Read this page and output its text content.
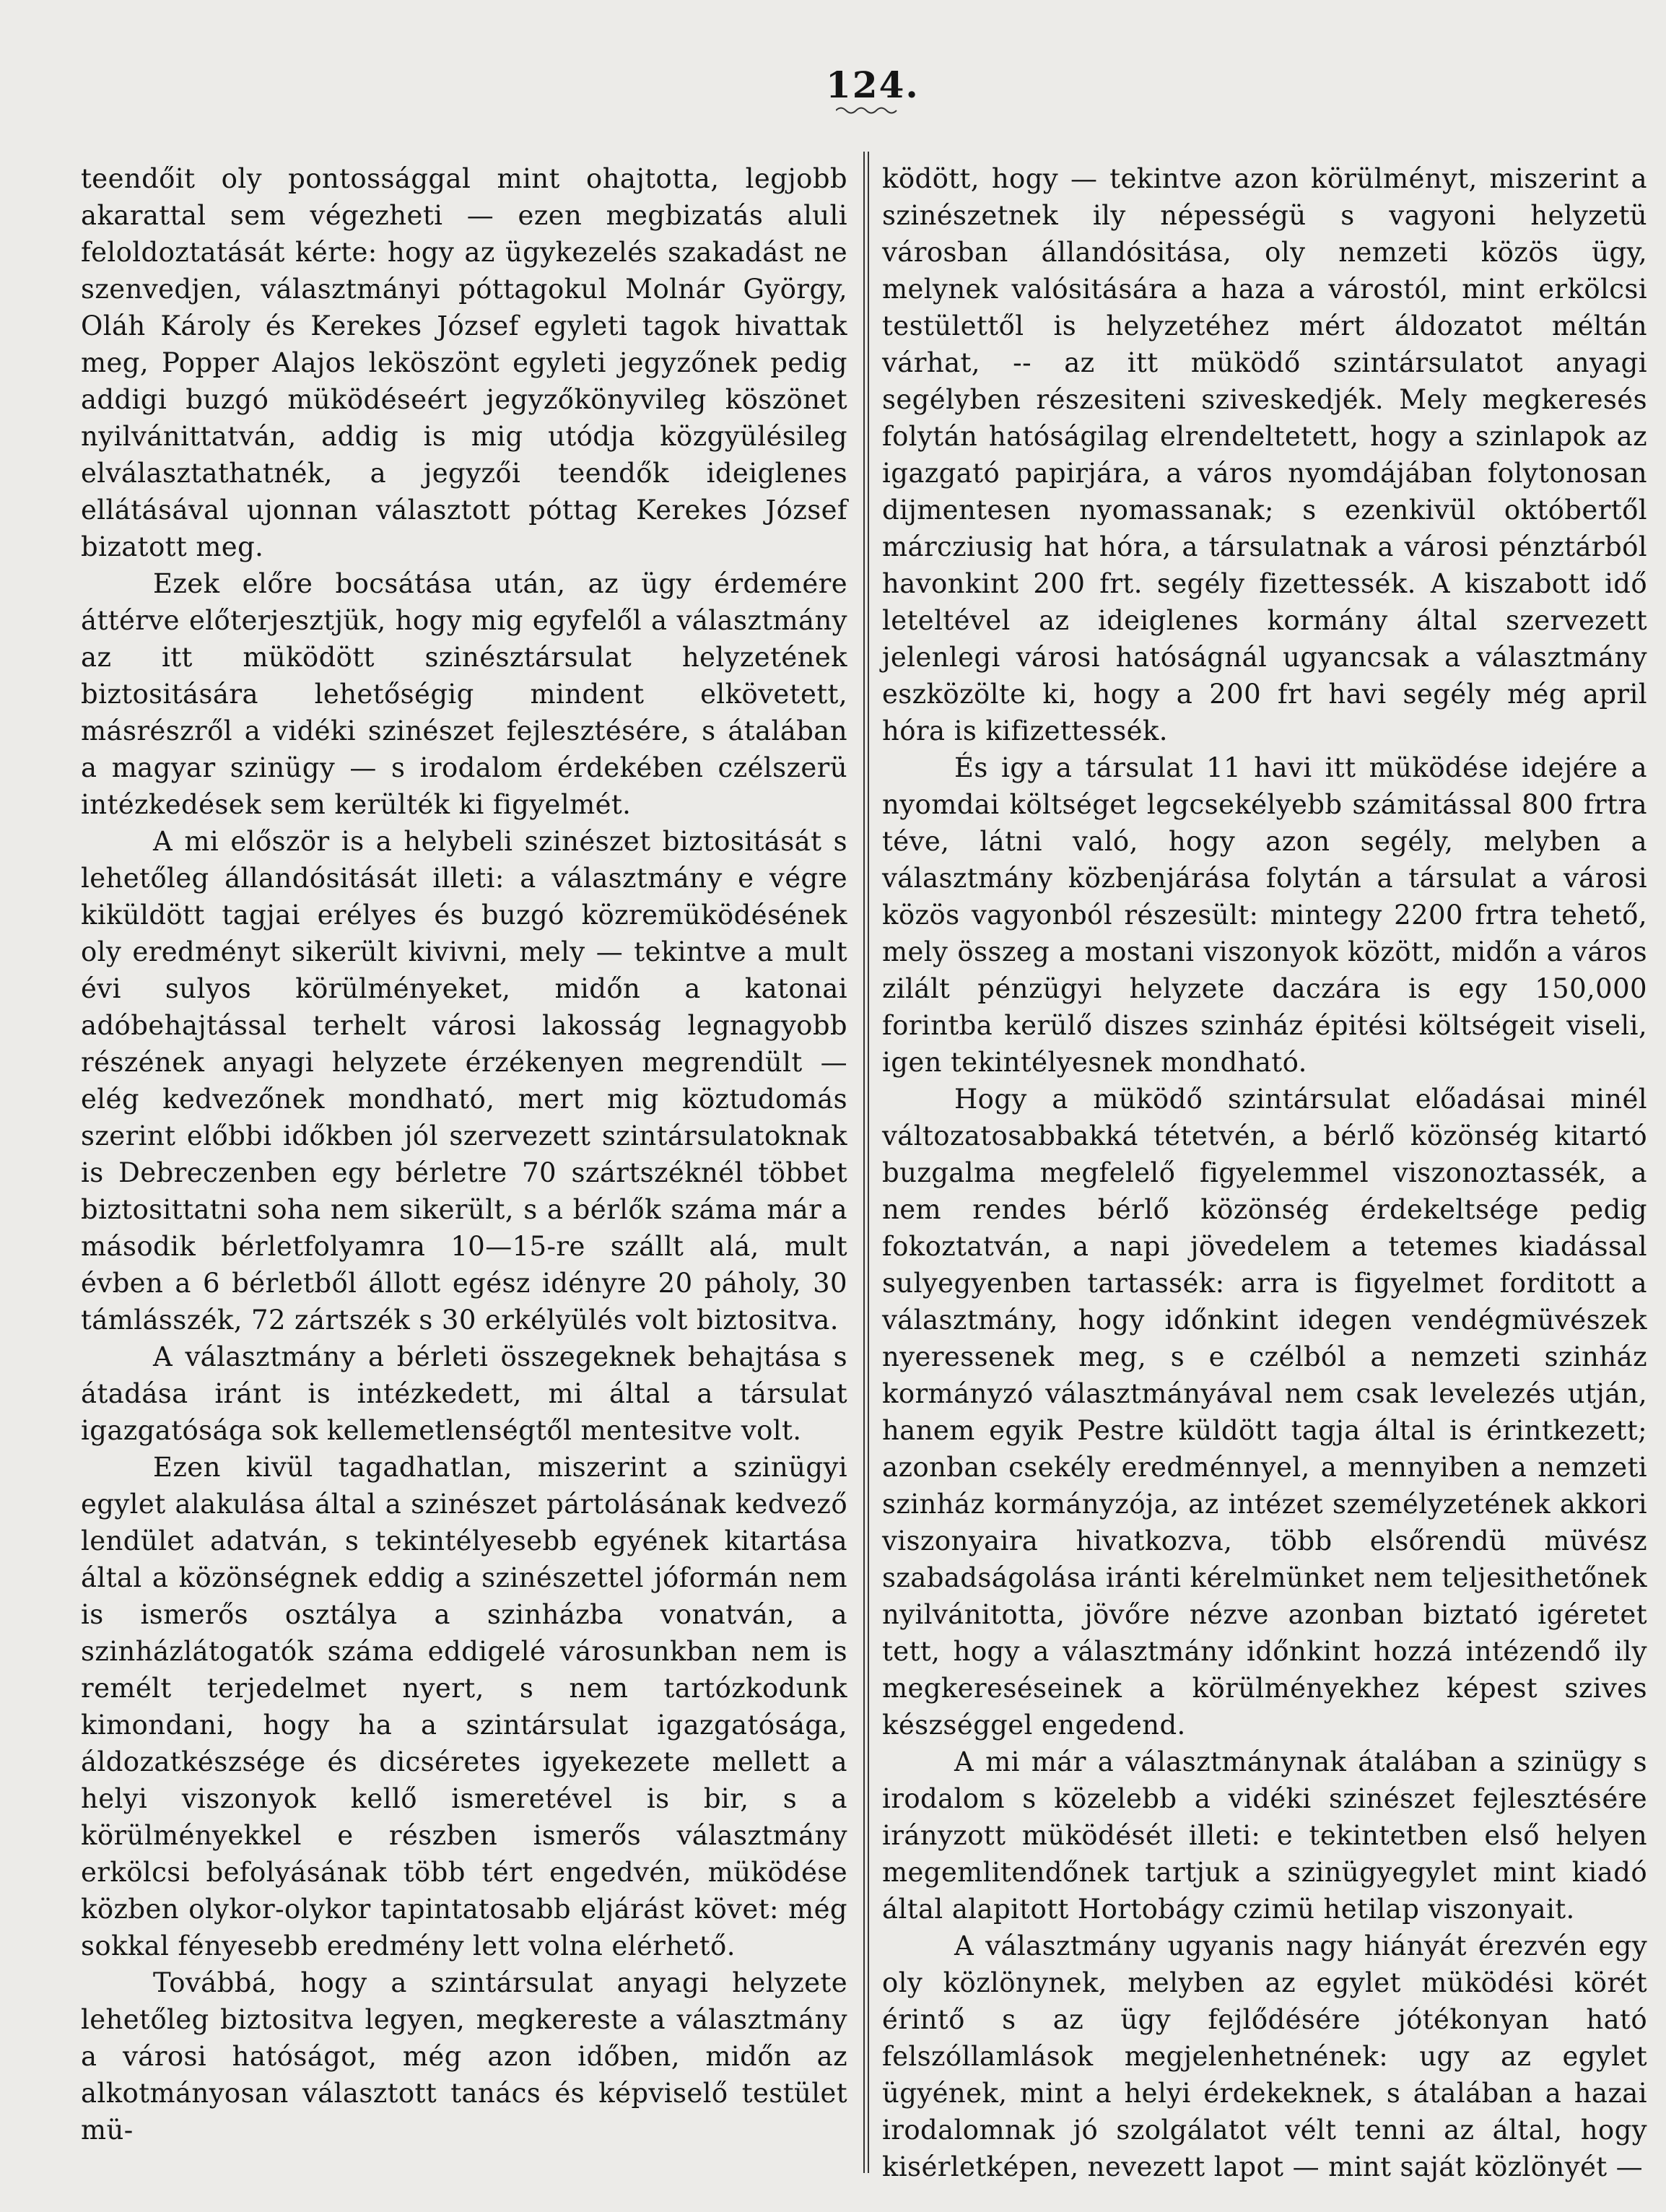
124.

teendőit oly pontossággal mint ohajtotta, legjobb akarattal sem végezheti — ezen megbizatás aluli feloldoztatását kérte: hogy az ügykezelés szakadást ne szenvedjen, választmányi póttagokul Molnár György, Oláh Károly és Kerekes József egyleti tagok hivattak meg, Popper Alajos leköszönt egyleti jegyzőnek pedig addigi buzgó müködéseért jegyzőkönyvileg köszönet nyilvánittatván, addig is mig utódja közgyülésileg elválasztathatnék, a jegyzői teendők ideiglenes ellátásával ujonnan választott póttag Kerekes József bizatott meg.

Ezek előre bocsátása után, az ügy érdemére áttérve előterjesztjük, hogy mig egyfelől a választmány az itt müködött szinésztársulat helyzetének biztositására lehetőségig mindent elkövetett, másrészről a vidéki szinészet fejlesztésére, s átalában a magyar szinügy — s irodalom érdekében czélszerü intézkedések sem kerülték ki figyelmét.

A mi először is a helybeli szinészet biztositását s lehetőleg állandósitását illeti: a választmány e végre kiküldött tagjai erélyes és buzgó közremüködésének oly eredményt sikerült kivivni, mely — tekintve a mult évi sulyos körülményeket, midőn a katonai adóbehajtással terhelt városi lakosság legnagyobb részének anyagi helyzete érzékenyen megrendült — elég kedvezőnek mondható, mert mig köztudomás szerint előbbi időkben jól szervezett szintársulatoknak is Debreczenben egy bérletre 70 szártszéknél többet biztosittatni soha nem sikerült, s a bérlők száma már a második bérletfolyamra 10—15-re szállt alá, mult évben a 6 bérletből állott egész idényre 20 páholy, 30 támlásszék, 72 zártszék s 30 erkélyülés volt biztositva.

A választmány a bérleti összegeknek behajtása s átadása iránt is intézkedett, mi által a társulat igazgatósága sok kellemetlenségtől mentesitve volt.

Ezen kivül tagadhatlan, miszerint a szinügyi egylet alakulása által a szinészet pártolásának kedvező lendület adatván, s tekintélyesebb egyének kitartása által a közönségnek eddig a szinészettel jóformán nem is ismerős osztálya a szinházba vonatván, a szinházlátogatók száma eddigelé városunkban nem is remélt terjedelmet nyert, s nem tartózkodunk kimondani, hogy ha a szintársulat igazgatósága, áldozatkészsége és dicséretes igyekezete mellett a helyi viszonyok kellő ismeretével is bir, s a körülményekkel e részben ismerős választmány erkölcsi befolyásának több tért engedvén, müködése közben olykor-olykor tapintatosabb eljárást követ: még sokkal fényesebb eredmény lett volna elérhető.

Továbbá, hogy a szintársulat anyagi helyzete lehetőleg biztositva legyen, megkereste a választmány a városi hatóságot, még azon időben, midőn az alkotmányosan választott tanács és képviselő testület mü-

ködött, hogy — tekintve azon körülményt, miszerint a szinészetnek ily népességü s vagyoni helyzetü városban állandósitása, oly nemzeti közös ügy, melynek valósitására a haza a várostól, mint erkölcsi testülettől is helyzetéhez mért áldozatot méltán várhat, -- az itt müködő szintársulatot anyagi segélyben részesiteni sziveskedjék. Mely megkeresés folytán hatóságilag elrendeltetett, hogy a szinlapok az igazgató papirjára, a város nyomdájában folytonosan dijmentesen nyomassanak; s ezenkivül októbertől márcziusig hat hóra, a társulatnak a városi pénztárból havonkint 200 frt. segély fizettessék. A kiszabott idő leteltével az ideiglenes kormány által szervezett jelenlegi városi hatóságnál ugyancsak a választmány eszközölte ki, hogy a 200 frt havi segély még april hóra is kifizettessék.

És igy a társulat 11 havi itt müködése idejére a nyomdai költséget legcsekélyebb számitással 800 frtra téve, látni való, hogy azon segély, melyben a választmány közbenjárása folytán a társulat a városi közös vagyonból részesült: mintegy 2200 frtra tehető, mely összeg a mostani viszonyok között, midőn a város zilált pénzügyi helyzete daczára is egy 150,000 forintba kerülő diszes szinház épitési költségeit viseli, igen tekintélyesnek mondható.

Hogy a müködő szintársulat előadásai minél változatosabbakká tétetvén, a bérlő közönség kitartó buzgalma megfelelő figyelemmel viszonoztassék, a nem rendes bérlő közönség érdekeltsége pedig fokoztatván, a napi jövedelem a tetemes kiadással sulyegyenben tartassék: arra is figyelmet forditott a választmány, hogy időnkint idegen vendégmüvészek nyeressenek meg, s e czélból a nemzeti szinház kormányzó választmányával nem csak levelezés utján, hanem egyik Pestre küldött tagja által is érintkezett; azonban csekély eredménnyel, a mennyiben a nemzeti szinház kormányzója, az intézet személyzetének akkori viszonyaira hivatkozva, több elsőrendü müvész szabadságolása iránti kérelmünket nem teljesithetőnek nyilvánitotta, jövőre nézve azonban biztató igéretet tett, hogy a választmány időnkint hozzá intézendő ily megkereséseinek a körülményekhez képest szives készséggel engedend.

A mi már a választmánynak átalában a szinügy s irodalom s közelebb a vidéki szinészet fejlesztésére irányzott müködését illeti: e tekintetben első helyen megemlitendőnek tartjuk a szinügyegylet mint kiadó által alapitott Hortobágy czimü hetilap viszonyait.

A választmány ugyanis nagy hiányát érezvén egy oly közlönynek, melyben az egylet müködési körét érintő s az ügy fejlődésére jótékonyan ható felszóllamlások megjelenhetnének: ugy az egylet ügyének, mint a helyi érdekeknek, s átalában a hazai irodalomnak jó szolgálatot vélt tenni az által, hogy kisérletképen, nevezett lapot — mint saját közlönyét —
